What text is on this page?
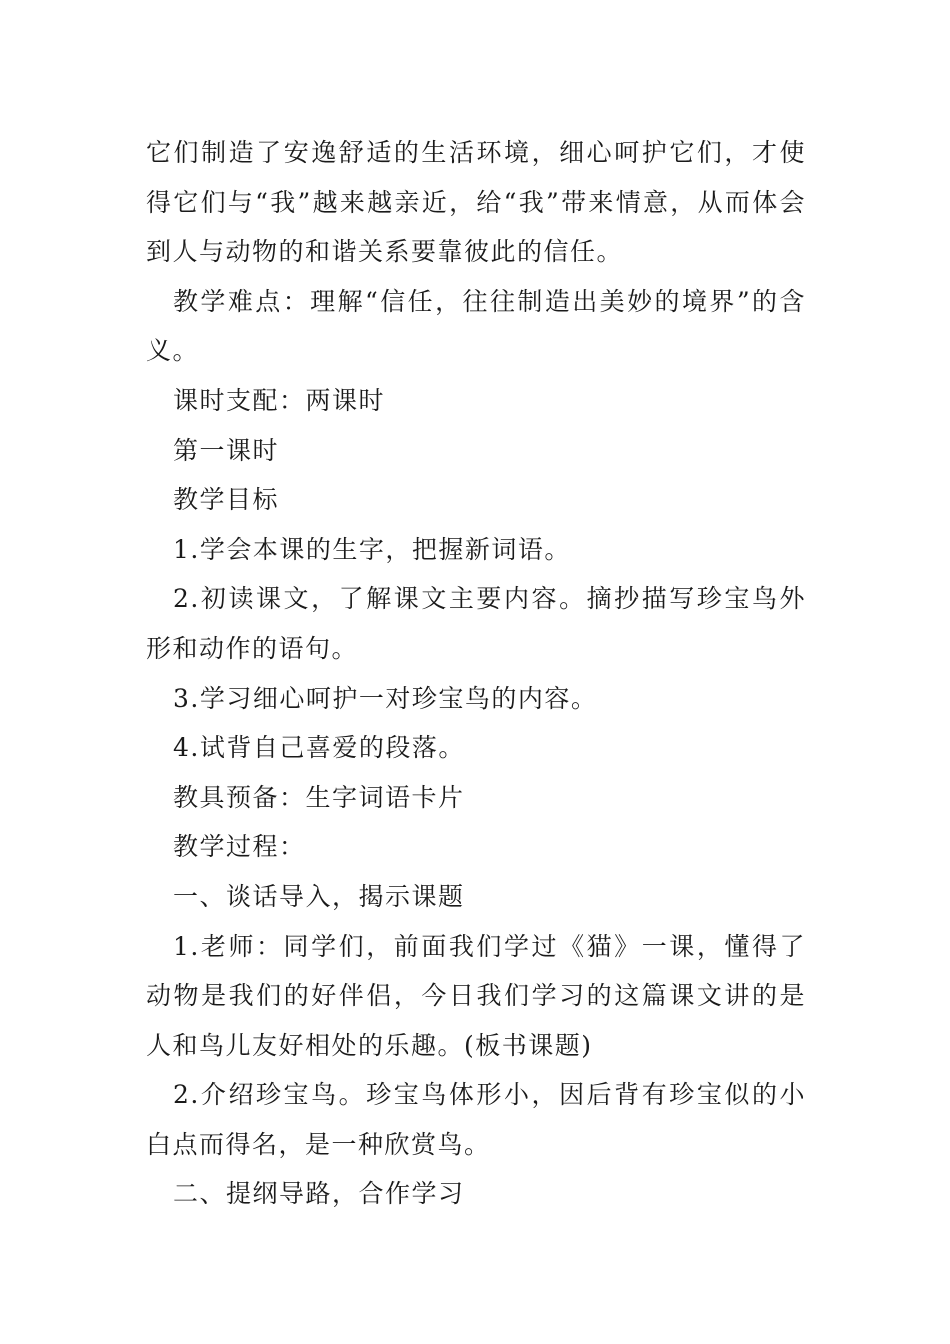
它们制造了安逸舒适的生活环境，细心呵护它们，才使得它们与“我”越来越亲近，给“我”带来情意，从而体会到人与动物的和谐关系要靠彼此的信任。

教学难点：理解“信任，往往制造出美妙的境界”的含义。

课时支配：两课时

第一课时

教学目标

1.学会本课的生字，把握新词语。

2.初读课文，了解课文主要内容。摘抄描写珍宝鸟外形和动作的语句。

3.学习细心呵护一对珍宝鸟的内容。

4.试背自己喜爱的段落。

教具预备：生字词语卡片

教学过程：

一、谈话导入，揭示课题

1.老师：同学们，前面我们学过《猫》一课，懂得了动物是我们的好伴侣，今日我们学习的这篇课文讲的是人和鸟儿友好相处的乐趣。(板书课题)

2.介绍珍宝鸟。珍宝鸟体形小，因后背有珍宝似的小白点而得名，是一种欣赏鸟。

二、提纲导路，合作学习
